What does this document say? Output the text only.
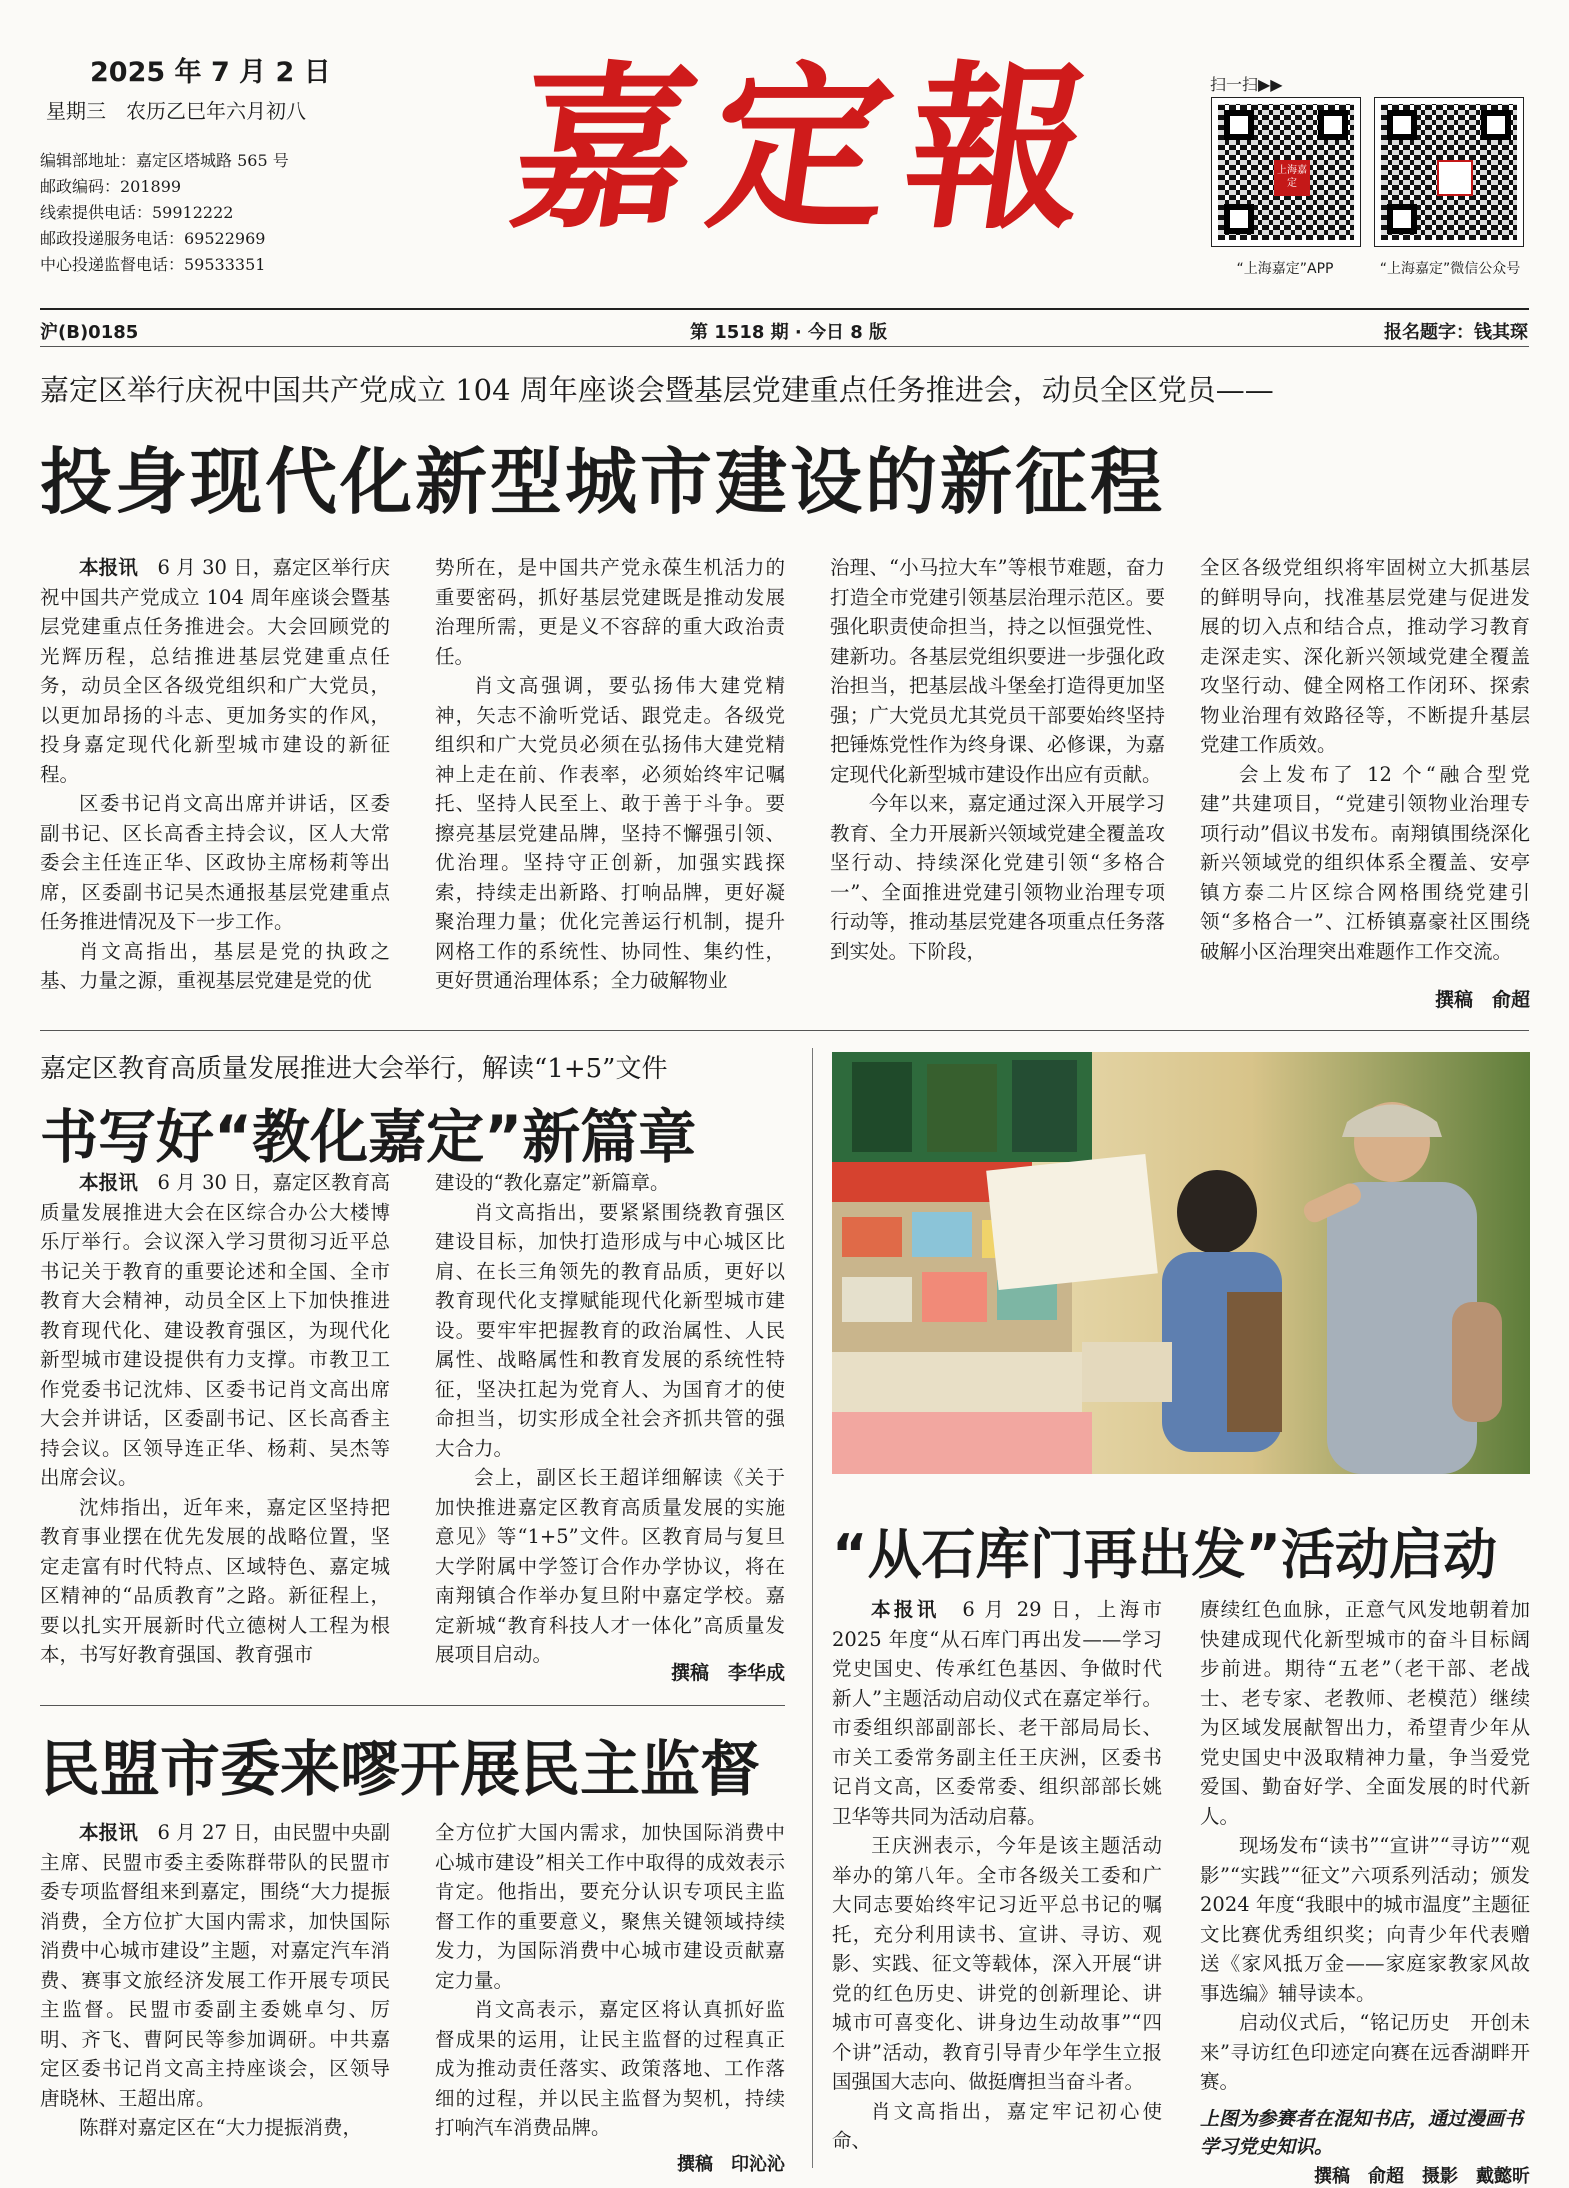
2025 年 7 月 2 日
星期三　农历乙巳年六月初八
编辑部地址：嘉定区塔城路 565 号
邮政编码：201899
线索提供电话：59912222
邮政投递服务电话：69522969
中心投递监督电话：59533351
嘉定報	扫一扫▶▶
上海嘉定
“上海嘉定”APP	“上海嘉定”微信公众号
沪(B)0185	第 1518 期 · 今日 8 版	报名题字：钱其琛
嘉定区举行庆祝中国共产党成立 104 周年座谈会暨基层党建重点任务推进会，动员全区党员——
投身现代化新型城市建设的新征程

本报讯　 6 月 30 日，嘉定区举行庆祝中国共产党成立 104 周年座谈会暨基层党建重点任务推进会。大会回顾党的光辉历程，总结推进基层党建重点任务，动员全区各级党组织和广大党员，以更加昂扬的斗志、更加务实的作风，投身嘉定现代化新型城市建设的新征程。

区委书记肖文高出席并讲话，区委副书记、区长高香主持会议，区人大常委会主任连正华、区政协主席杨莉等出席，区委副书记吴杰通报基层党建重点任务推进情况及下一步工作。

肖文高指出，基层是党的执政之基、力量之源，重视基层党建是党的优

势所在，是中国共产党永葆生机活力的重要密码，抓好基层党建既是推动发展治理所需，更是义不容辞的重大政治责任。

肖文高强调，要弘扬伟大建党精神，矢志不渝听党话、跟党走。各级党组织和广大党员必须在弘扬伟大建党精神上走在前、作表率，必须始终牢记嘱托、坚持人民至上、敢于善于斗争。要擦亮基层党建品牌，坚持不懈强引领、优治理。坚持守正创新，加强实践探索，持续走出新路、打响品牌，更好凝聚治理力量；优化完善运行机制，提升网格工作的系统性、协同性、集约性，更好贯通治理体系；全力破解物业

治理、“小马拉大车”等根节难题，奋力打造全市党建引领基层治理示范区。要强化职责使命担当，持之以恒强党性、建新功。各基层党组织要进一步强化政治担当，把基层战斗堡垒打造得更加坚强；广大党员尤其党员干部要始终坚持把锤炼党性作为终身课、必修课，为嘉定现代化新型城市建设作出应有贡献。

今年以来，嘉定通过深入开展学习教育、全力开展新兴领域党建全覆盖攻坚行动、持续深化党建引领“多格合一”、全面推进党建引领物业治理专项行动等，推动基层党建各项重点任务落到实处。下阶段，

全区各级党组织将牢固树立大抓基层的鲜明导向，找准基层党建与促进发展的切入点和结合点，推动学习教育走深走实、深化新兴领域党建全覆盖攻坚行动、健全网格工作闭环、探索物业治理有效路径等，不断提升基层党建工作质效。

会上发布了 12 个“融合型党建”共建项目，“党建引领物业治理专项行动”倡议书发布。南翔镇围绕深化新兴领域党的组织体系全覆盖、安亭镇方泰二片区综合网格围绕党建引领“多格合一”、江桥镇嘉豪社区围绕破解小区治理突出难题作工作交流。

撰稿　俞超
嘉定区教育高质量发展推进大会举行，解读“1+5”文件
书写好“教化嘉定”新篇章

本报讯　 6 月 30 日，嘉定区教育高质量发展推进大会在区综合办公大楼博乐厅举行。会议深入学习贯彻习近平总书记关于教育的重要论述和全国、全市教育大会精神，动员全区上下加快推进教育现代化、建设教育强区，为现代化新型城市建设提供有力支撑。市教卫工作党委书记沈炜、区委书记肖文高出席大会并讲话，区委副书记、区长高香主持会议。区领导连正华、杨莉、吴杰等出席会议。

沈炜指出，近年来，嘉定区坚持把教育事业摆在优先发展的战略位置，坚定走富有时代特点、区域特色、嘉定城区精神的“品质教育”之路。新征程上，要以扎实开展新时代立德树人工程为根本，书写好教育强国、教育强市

建设的“教化嘉定”新篇章。

肖文高指出，要紧紧围绕教育强区建设目标，加快打造形成与中心城区比肩、在长三角领先的教育品质，更好以教育现代化支撑赋能现代化新型城市建设。要牢牢把握教育的政治属性、人民属性、战略属性和教育发展的系统性特征，坚决扛起为党育人、为国育才的使命担当，切实形成全社会齐抓共管的强大合力。

会上，副区长王超详细解读《关于加快推进嘉定区教育高质量发展的实施意见》等“1+5”文件。区教育局与复旦大学附属中学签订合作办学协议，将在南翔镇合作举办复旦附中嘉定学校。嘉定新城“教育科技人才一体化”高质量发展项目启动。

撰稿　李华成
“从石库门再出发”活动启动

本报讯　 6 月 29 日，上海市 2025 年度“从石库门再出发——学习党史国史、传承红色基因、争做时代新人”主题活动启动仪式在嘉定举行。市委组织部副部长、老干部局局长、市关工委常务副主任王庆洲，区委书记肖文高，区委常委、组织部部长姚卫华等共同为活动启幕。

王庆洲表示，今年是该主题活动举办的第八年。全市各级关工委和广大同志要始终牢记习近平总书记的嘱托，充分利用读书、宣讲、寻访、观影、实践、征文等载体，深入开展“讲党的红色历史、讲党的创新理论、讲城市可喜变化、讲身边生动故事”“四个讲”活动，教育引导青少年学生立报国强国大志向、做挺膺担当奋斗者。

肖文高指出，嘉定牢记初心使命、

赓续红色血脉，正意气风发地朝着加快建成现代化新型城市的奋斗目标阔步前进。期待“五老”（老干部、老战士、老专家、老教师、老模范）继续为区域发展献智出力，希望青少年从党史国史中汲取精神力量，争当爱党爱国、勤奋好学、全面发展的时代新人。

现场发布“读书”“宣讲”“寻访”“观影”“实践”“征文”六项系列活动；颁发 2024 年度“我眼中的城市温度”主题征文比赛优秀组织奖；向青少年代表赠送《家风抵万金——家庭家教家风故事选编》辅导读本。

启动仪式后，“铭记历史　开创未来”寻访红色印迹定向赛在远香湖畔开赛。

上图为参赛者在混知书店，通过漫画书学习党史知识。
撰稿　俞超　摄影　戴懿昕
民盟市委来嘐开展民主监督

本报讯　 6 月 27 日，由民盟中央副主席、民盟市委主委陈群带队的民盟市委专项监督组来到嘉定，围绕“大力提振消费，全方位扩大国内需求，加快国际消费中心城市建设”主题，对嘉定汽车消费、赛事文旅经济发展工作开展专项民主监督。民盟市委副主委姚卓匀、厉明、齐飞、曹阿民等参加调研。中共嘉定区委书记肖文高主持座谈会，区领导唐晓林、王超出席。

陈群对嘉定区在“大力提振消费，

全方位扩大国内需求，加快国际消费中心城市建设”相关工作中取得的成效表示肯定。他指出，要充分认识专项民主监督工作的重要意义，聚焦关键领域持续发力，为国际消费中心城市建设贡献嘉定力量。

肖文高表示，嘉定区将认真抓好监督成果的运用，让民主监督的过程真正成为推动责任落实、政策落地、工作落细的过程，并以民主监督为契机，持续打响汽车消费品牌。

撰稿　印沁沁
